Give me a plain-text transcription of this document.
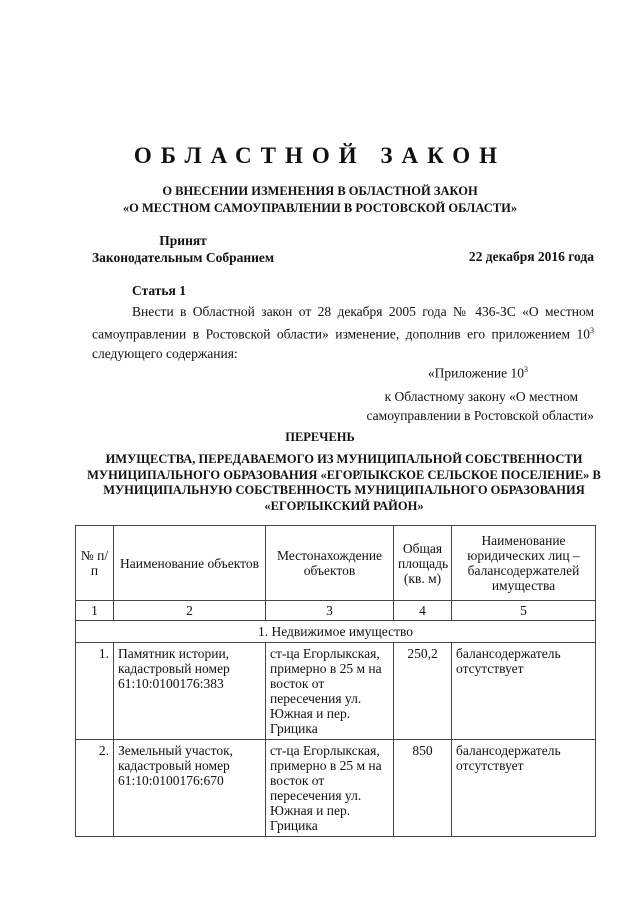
ОБЛАСТНОЙ ЗАКОН
О ВНЕСЕНИИ ИЗМЕНЕНИЯ В ОБЛАСТНОЙ ЗАКОН
«О МЕСТНОМ САМОУПРАВЛЕНИИ В РОСТОВСКОЙ ОБЛАСТИ»
Принят
Законодательным Собранием	22 декабря 2016 года
Статья 1
Внести в Областной закон от 28 декабря 2005 года № 436-ЗС «О местном самоуправлении в Ростовской области» изменение, дополнив его приложением $10^3$ следующего содержания:
«Приложение $10^3$
к Областному закону «О местном
самоуправлении в Ростовской области»
ПЕРЕЧЕНЬ
ИМУЩЕСТВА, ПЕРЕДАВАЕМОГО ИЗ МУНИЦИПАЛЬНОЙ СОБСТВЕННОСТИ МУНИЦИПАЛЬНОГО ОБРАЗОВАНИЯ «ЕГОРЛЫКСКОЕ СЕЛЬСКОЕ ПОСЕЛЕНИЕ» В МУНИЦИПАЛЬНУЮ СОБСТВЕННОСТЬ МУНИЦИПАЛЬНОГО ОБРАЗОВАНИЯ «ЕГОРЛЫКСКИЙ РАЙОН»
№ п/п	Наименование объектов	Местонахождение объектов	Общая площадь (кв. м)	Наименование юридических лиц – балансодержателей имущества
1	2	3	4	5
1. Недвижимое имущество				
1.	Памятник истории, кадастровый номер 61:10:0100176:383	ст-ца Егорлыкская, примерно в 25 м на восток от пересечения ул. Южная и пер. Грицика	250,2	балансодержатель отсутствует
2.	Земельный участок, кадастровый номер 61:10:0100176:670	ст-ца Егорлыкская, примерно в 25 м на восток от пересечения ул. Южная и пер. Грицика	850	балансодержатель отсутствует
